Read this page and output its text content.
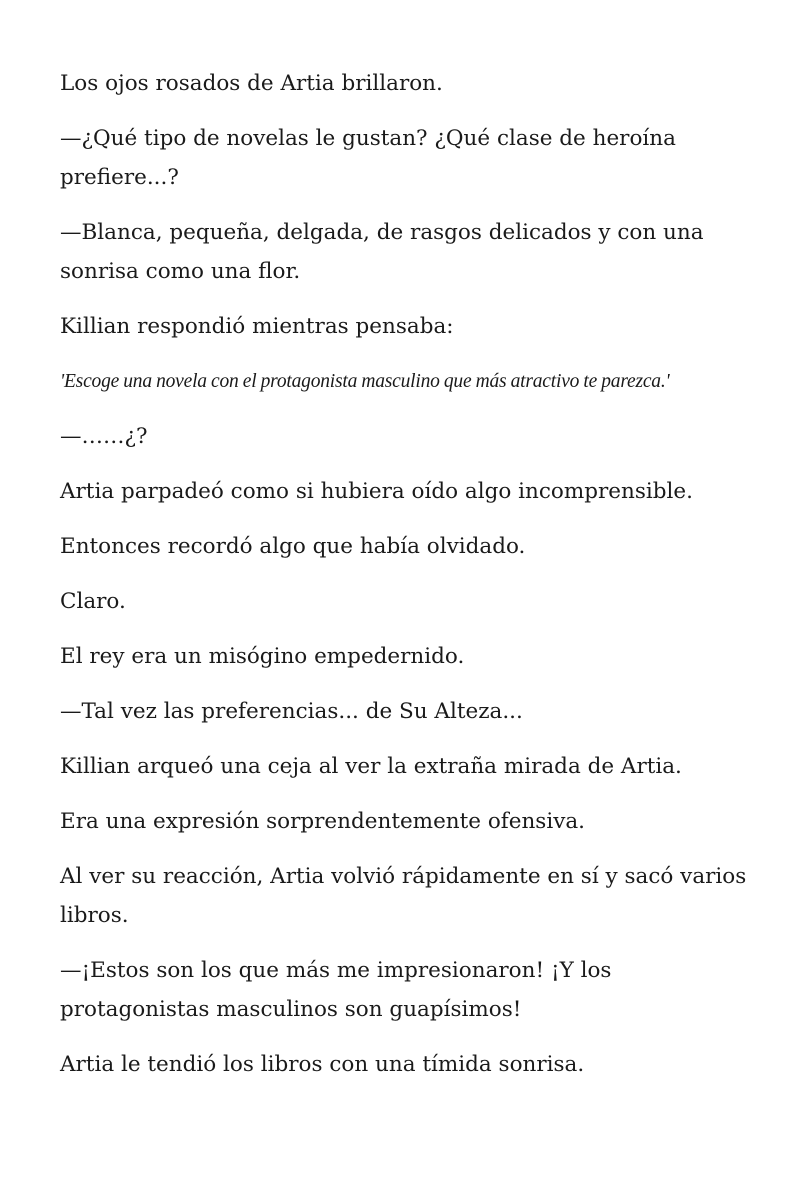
Los ojos rosados de Artia brillaron.

—¿Qué tipo de novelas le gustan? ¿Qué clase de heroína prefiere...?

—Blanca, pequeña, delgada, de rasgos delicados y con una sonrisa como una flor.

Killian respondió mientras pensaba:

'Escoge una novela con el protagonista masculino que más atractivo te parezca.'

—……¿?

Artia parpadeó como si hubiera oído algo incomprensible.

Entonces recordó algo que había olvidado.

Claro.

El rey era un misógino empedernido.

—Tal vez las preferencias... de Su Alteza...

Killian arqueó una ceja al ver la extraña mirada de Artia.

Era una expresión sorprendentemente ofensiva.

Al ver su reacción, Artia volvió rápidamente en sí y sacó varios libros.

—¡Estos son los que más me impresionaron! ¡Y los protagonistas masculinos son guapísimos!

Artia le tendió los libros con una tímida sonrisa.
